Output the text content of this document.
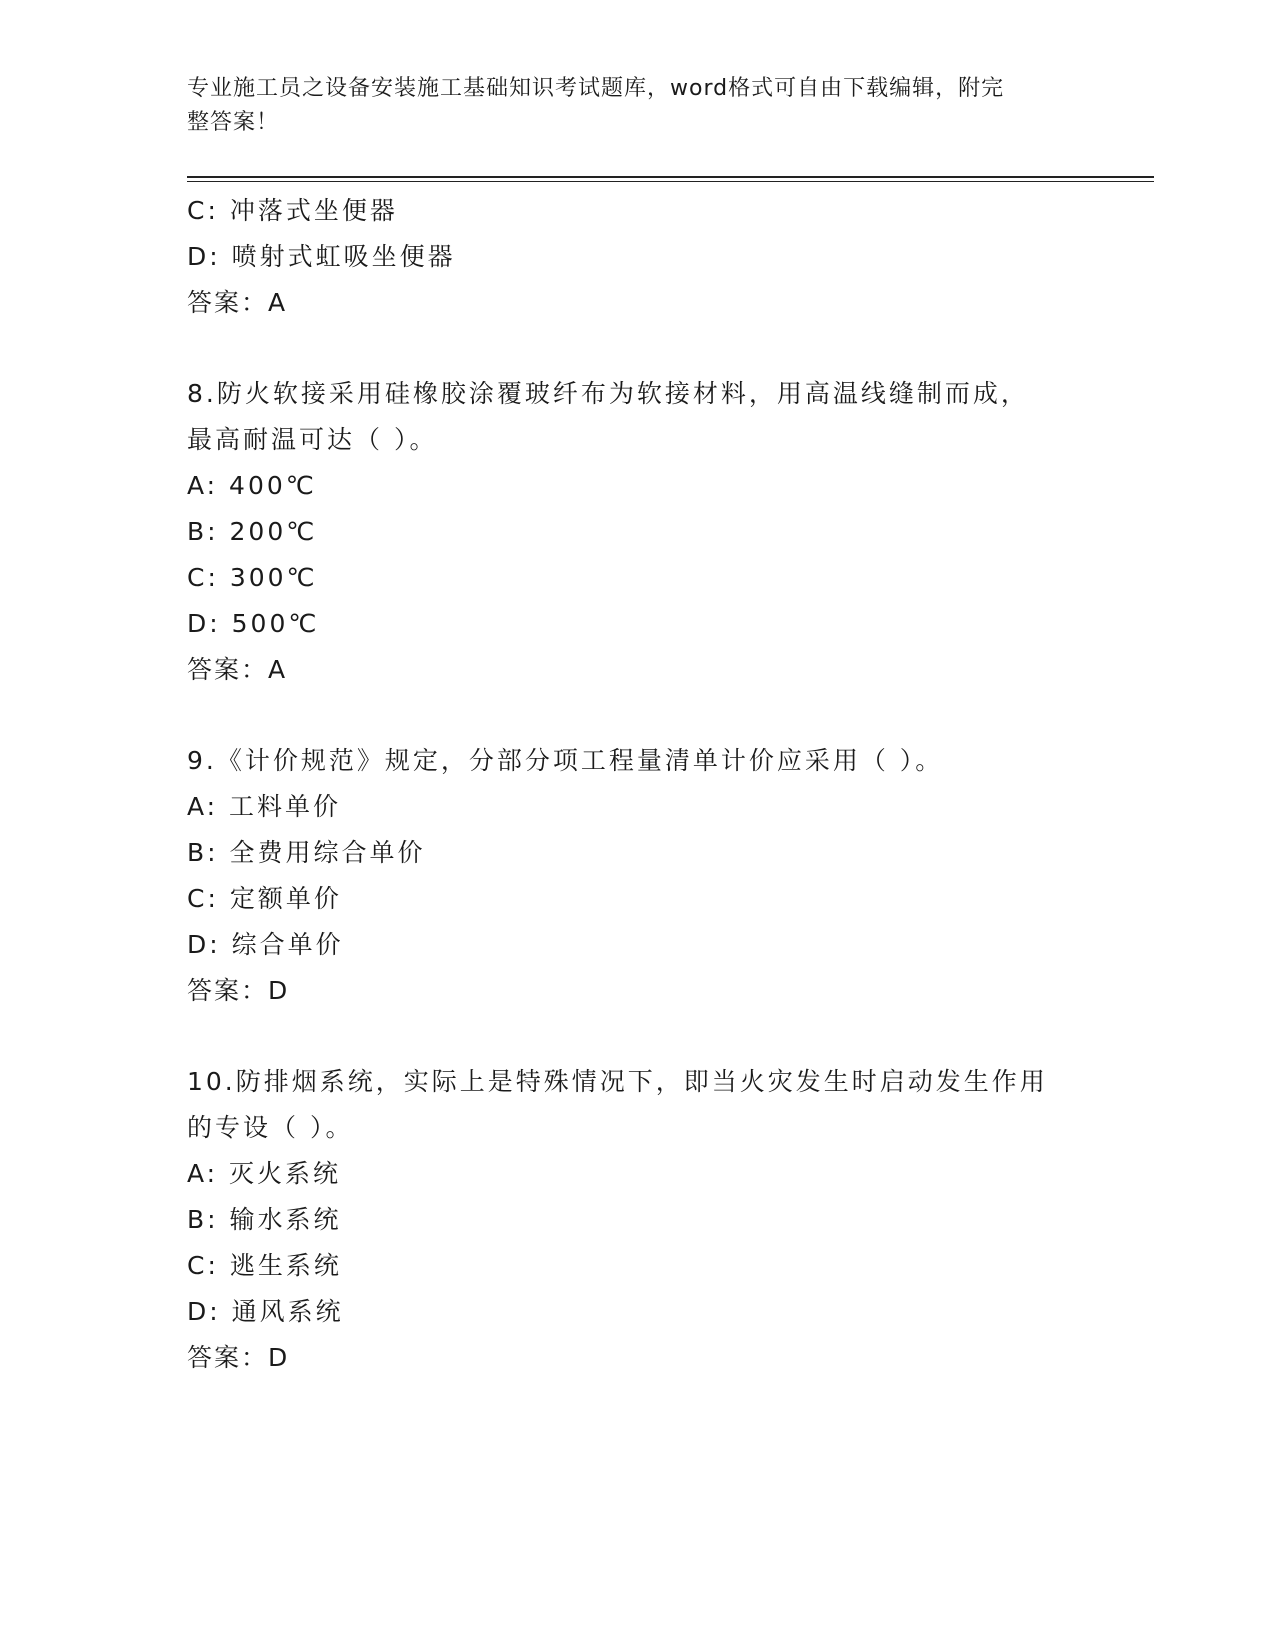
专业施工员之设备安装施工基础知识考试题库，word格式可自由下载编辑，附完
整答案！
C: 冲落式坐便器
D: 喷射式虹吸坐便器
答案：A
8.防火软接采用硅橡胶涂覆玻纤布为软接材料，用高温线缝制而成，
最高耐温可达（ ）。
A: 400℃
B: 200℃
C: 300℃
D: 500℃
答案：A
9.《计价规范》规定，分部分项工程量清单计价应采用（ ）。
A: 工料单价
B: 全费用综合单价
C: 定额单价
D: 综合单价
答案：D
10.防排烟系统，实际上是特殊情况下，即当火灾发生时启动发生作用
的专设（ ）。
A: 灭火系统
B: 输水系统
C: 逃生系统
D: 通风系统
答案：D
